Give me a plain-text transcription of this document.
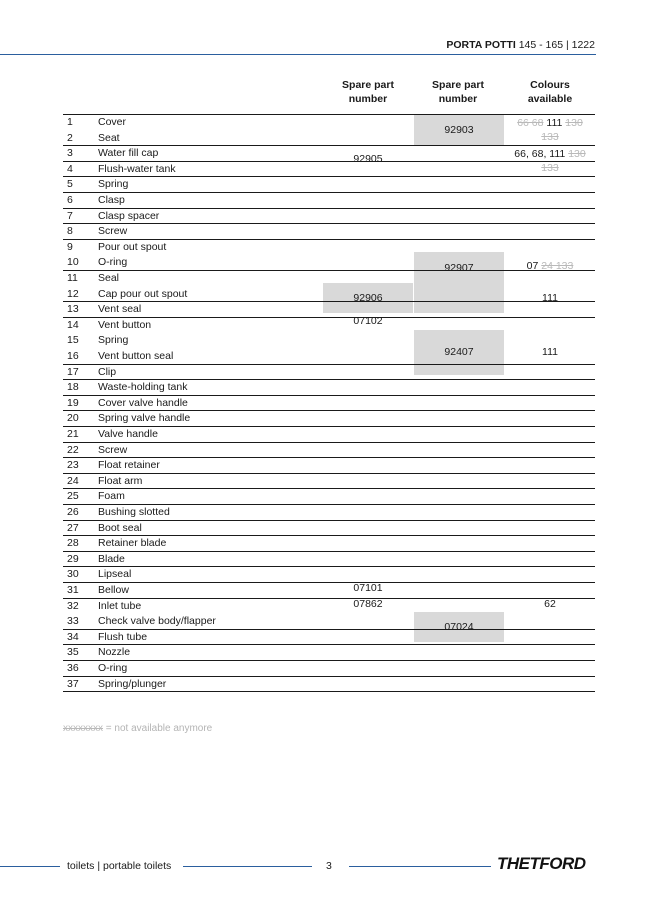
PORTA POTTI 145 - 165 | 1222
Spare part number
Spare part number
Colours available
1 Cover
2 Seat
3 Water fill cap
4 Flush-water tank
5 Spring
6 Clasp
7 Clasp spacer
8 Screw
9 Pour out spout
10 O-ring
11 Seal
12 Cap pour out spout
13 Vent seal
14 Vent button
15 Spring
16 Vent button seal
17 Clip
18 Waste-holding tank
19 Cover valve handle
20 Spring valve handle
21 Valve handle
22 Screw
23 Float retainer
24 Float arm
25 Foam
26 Bushing slotted
27 Boot seal
28 Retainer blade
29 Blade
30 Lipseal
31 Bellow
32 Inlet tube
33 Check valve body/flapper
34 Flush tube
35 Nozzle
36 O-ring
37 Spring/plunger
92903
92905
92907
92906
07102
92407
07101
07862
07024
66 68 111 130
133
66, 68, 111 130
133
07 24 133
111
111
62
xxxxxxxx = not available anymore
toilets | portable toilets	3	THETFORD
